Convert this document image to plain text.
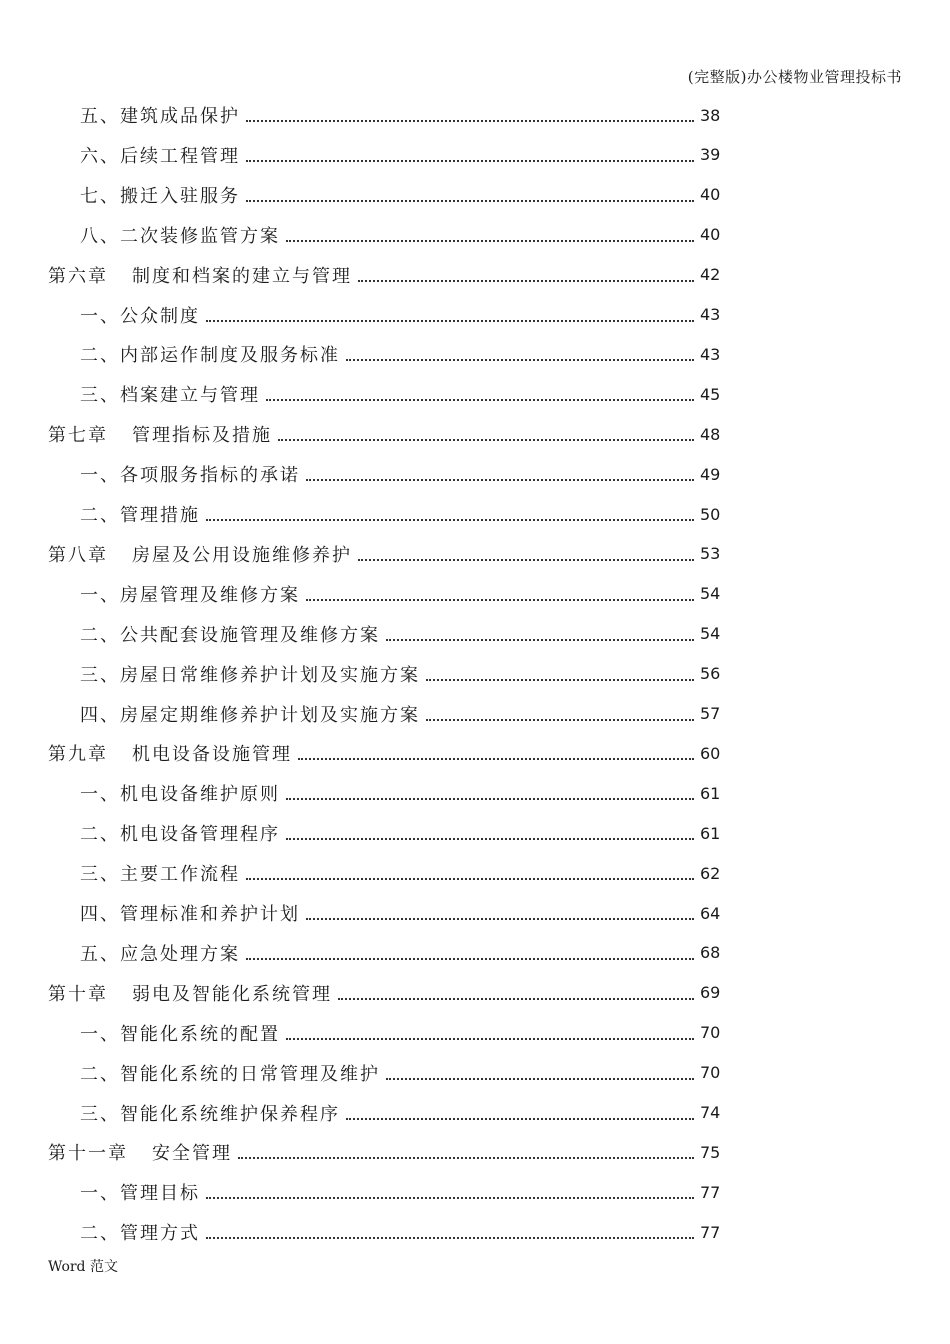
(完整版)办公楼物业管理投标书
五、建筑成品保护	38
六、后续工程管理	39
七、搬迁入驻服务	40
八、二次装修监管方案	40
第六章 制度和档案的建立与管理	42
一、公众制度	43
二、内部运作制度及服务标准	43
三、档案建立与管理	45
第七章 管理指标及措施	48
一、各项服务指标的承诺	49
二、管理措施	50
第八章 房屋及公用设施维修养护	53
一、房屋管理及维修方案	54
二、公共配套设施管理及维修方案	54
三、房屋日常维修养护计划及实施方案	56
四、房屋定期维修养护计划及实施方案	57
第九章 机电设备设施管理	60
一、机电设备维护原则	61
二、机电设备管理程序	61
三、主要工作流程	62
四、管理标准和养护计划	64
五、应急处理方案	68
第十章 弱电及智能化系统管理	69
一、智能化系统的配置	70
二、智能化系统的日常管理及维护	70
三、智能化系统维护保养程序	74
第十一章 安全管理	75
一、管理目标	77
二、管理方式	77
Word 范文
